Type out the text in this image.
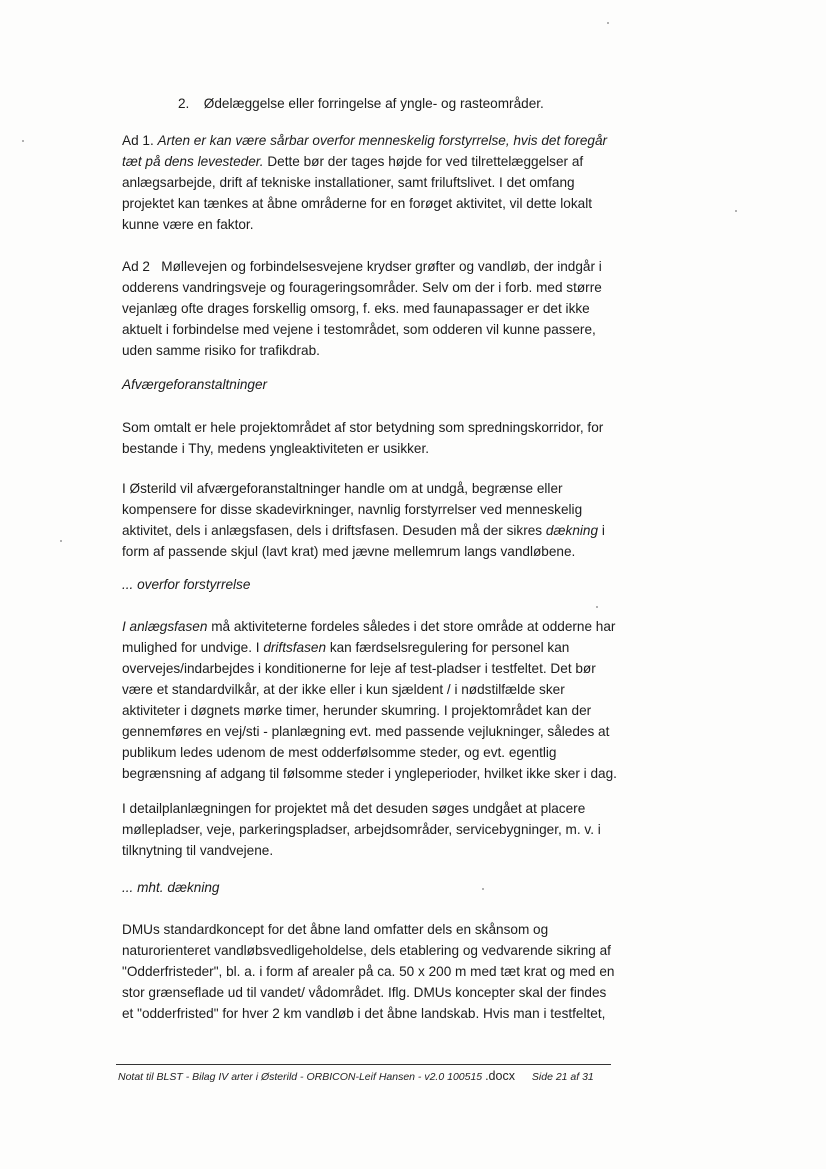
2. Ødelæggelse eller forringelse af yngle- og rasteområder.
Ad 1. Arten er kan være sårbar overfor menneskelig forstyrrelse, hvis det foregår
tæt på dens levesteder. Dette bør der tages højde for ved tilrettelæggelser af
anlægsarbejde, drift af tekniske installationer, samt friluftslivet. I det omfang
projektet kan tænkes at åbne områderne for en forøget aktivitet, vil dette lokalt
kunne være en faktor.
Ad 2   Møllevejen og forbindelsesvejene krydser grøfter og vandløb, der indgår i
odderens vandringsveje og fourageringsområder. Selv om der i forb. med større
vejanlæg ofte drages forskellig omsorg, f. eks. med faunapassager er det ikke
aktuelt i forbindelse med vejene i testområdet, som odderen vil kunne passere,
uden samme risiko for trafikdrab.
Afværgeforanstaltninger
Som omtalt er hele projektområdet af stor betydning som spredningskorridor, for
bestande i Thy, medens yngleaktiviteten er usikker.
I Østerild vil afværgeforanstaltninger handle om at undgå, begrænse eller
kompensere for disse skadevirkninger, navnlig forstyrrelser ved menneskelig
aktivitet, dels i anlægsfasen, dels i driftsfasen. Desuden må der sikres dækning i
form af passende skjul (lavt krat) med jævne mellemrum langs vandløbene.
... overfor forstyrrelse
I anlægsfasen må aktiviteterne fordeles således i det store område at odderne har
mulighed for undvige. I driftsfasen kan færdselsregulering for personel kan
overvejes/indarbejdes i konditionerne for leje af test-pladser i testfeltet. Det bør
være et standardvilkår, at der ikke eller i kun sjældent / i nødstilfælde sker
aktiviteter i døgnets mørke timer, herunder skumring. I projektområdet kan der
gennemføres en vej/sti - planlægning evt. med passende vejlukninger, således at
publikum ledes udenom de mest odderfølsomme steder, og evt. egentlig
begrænsning af adgang til følsomme steder i yngleperioder, hvilket ikke sker i dag.
I detailplanlægningen for projektet må det desuden søges undgået at placere
møllepladser, veje, parkeringspladser, arbejdsområder, servicebygninger, m. v. i
tilknytning til vandvejene.
... mht. dækning
DMUs standardkoncept for det åbne land omfatter dels en skånsom og
naturorienteret vandløbsvedligeholdelse, dels etablering og vedvarende sikring af
"Odderfristeder", bl. a. i form af arealer på ca. 50 x 200 m med tæt krat og med en
stor grænseflade ud til vandet/ vådområdet. Iflg. DMUs koncepter skal der findes
et "odderfristed" for hver 2 km vandløb i det åbne landskab. Hvis man i testfeltet,
Notat til BLST - Bilag IV arter i Østerild - ORBICON-Leif Hansen - v2.0 100515 .docx Side 21 af 31
